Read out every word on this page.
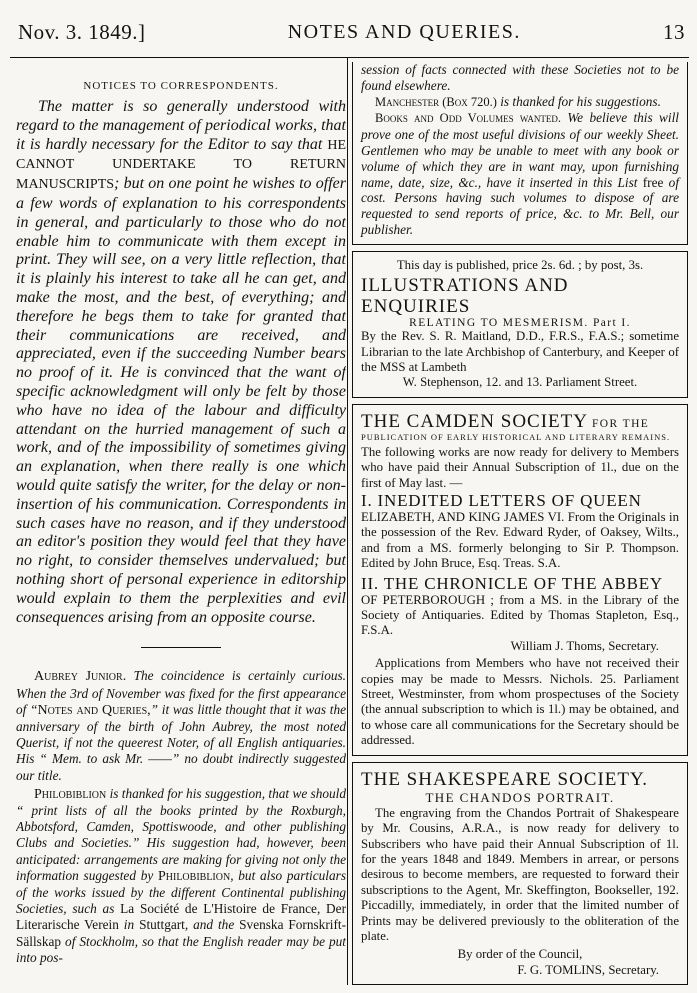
Nov. 3. 1849.]	NOTES AND QUERIES.	13

NOTICES TO CORRESPONDENTS.

The matter is so generally understood with regard to the management of periodical works, that it is hardly necessary for the Editor to say that HE CANNOT UNDERTAKE TO RETURN MANUSCRIPTS; but on one point he wishes to offer a few words of explanation to his correspondents in general, and particularly to those who do not enable him to communicate with them except in print. They will see, on a very little reflection, that it is plainly his interest to take all he can get, and make the most, and the best, of everything; and therefore he begs them to take for granted that their communications are received, and appreciated, even if the succeeding Number bears no proof of it. He is convinced that the want of specific acknowledgment will only be felt by those who have no idea of the labour and difficulty attendant on the hurried management of such a work, and of the impossibility of sometimes giving an explanation, when there really is one which would quite satisfy the writer, for the delay or non-insertion of his communication. Correspondents in such cases have no reason, and if they understood an editor's position they would feel that they have no right, to consider themselves undervalued; but nothing short of personal experience in editorship would explain to them the perplexities and evil consequences arising from an opposite course.

Aubrey Junior. The coincidence is certainly curious. When the 3rd of November was fixed for the first appearance of “Notes and Queries,” it was little thought that it was the anniversary of the birth of John Aubrey, the most noted Querist, if not the queerest Noter, of all English antiquaries. His “ Mem. to ask Mr. ——” no doubt indirectly suggested our title.

Philobiblion is thanked for his suggestion, that we should “ print lists of all the books printed by the Roxburgh, Abbotsford, Camden, Spottiswoode, and other publishing Clubs and Societies.” His suggestion had, however, been anticipated: arrangements are making for giving not only the information suggested by Philobiblion, but also particulars of the works issued by the different Continental publishing Societies, such as La Société de L'Histoire de France, Der Literarische Verein in Stuttgart, and the Svenska Fornskrift-Sällskap of Stockholm, so that the English reader may be put into pos-

session of facts connected with these Societies not to be found elsewhere.

Manchester (Box 720.) is thanked for his suggestions.

Books and Odd Volumes wanted. We believe this will prove one of the most useful divisions of our weekly Sheet. Gentlemen who may be unable to meet with any book or volume of which they are in want may, upon furnishing name, date, size, &c., have it inserted in this List free of cost. Persons having such volumes to dispose of are requested to send reports of price, &c. to Mr. Bell, our publisher.

This day is published, price 2s. 6d. ; by post, 3s.

ILLUSTRATIONS AND ENQUIRIES

RELATING TO MESMERISM. Part I.

By the Rev. S. R. Maitland, D.D., F.R.S., F.A.S.; sometime Librarian to the late Archbishop of Canterbury, and Keeper of the MSS at Lambeth

W. Stephenson, 12. and 13. Parliament Street.

THE CAMDEN SOCIETY FOR THE

PUBLICATION OF EARLY HISTORICAL AND LITERARY REMAINS.

The following works are now ready for delivery to Members who have paid their Annual Subscription of 1l., due on the first of May last. —

I. INEDITED LETTERS OF QUEEN

ELIZABETH, AND KING JAMES VI. From the Originals in the possession of the Rev. Edward Ryder, of Oaksey, Wilts., and from a MS. formerly belonging to Sir P. Thompson. Edited by John Bruce, Esq. Treas. S.A.

II. THE CHRONICLE OF THE ABBEY

OF PETERBOROUGH ; from a MS. in the Library of the Society of Antiquaries. Edited by Thomas Stapleton, Esq., F.S.A.

William J. Thoms, Secretary.

Applications from Members who have not received their copies may be made to Messrs. Nichols. 25. Parliament Street, Westminster, from whom prospectuses of the Society (the annual subscription to which is 1l.) may be obtained, and to whose care all communications for the Secretary should be addressed.

THE SHAKESPEARE SOCIETY.

THE CHANDOS PORTRAIT.

The engraving from the Chandos Portrait of Shakespeare by Mr. Cousins, A.R.A., is now ready for delivery to Subscribers who have paid their Annual Subscription of 1l. for the years 1848 and 1849. Members in arrear, or persons desirous to become members, are requested to forward their subscriptions to the Agent, Mr. Skeffington, Bookseller, 192. Piccadilly, immediately, in order that the limited number of Prints may be delivered previously to the obliteration of the plate.

By order of the Council,

F. G. TOMLINS, Secretary.
